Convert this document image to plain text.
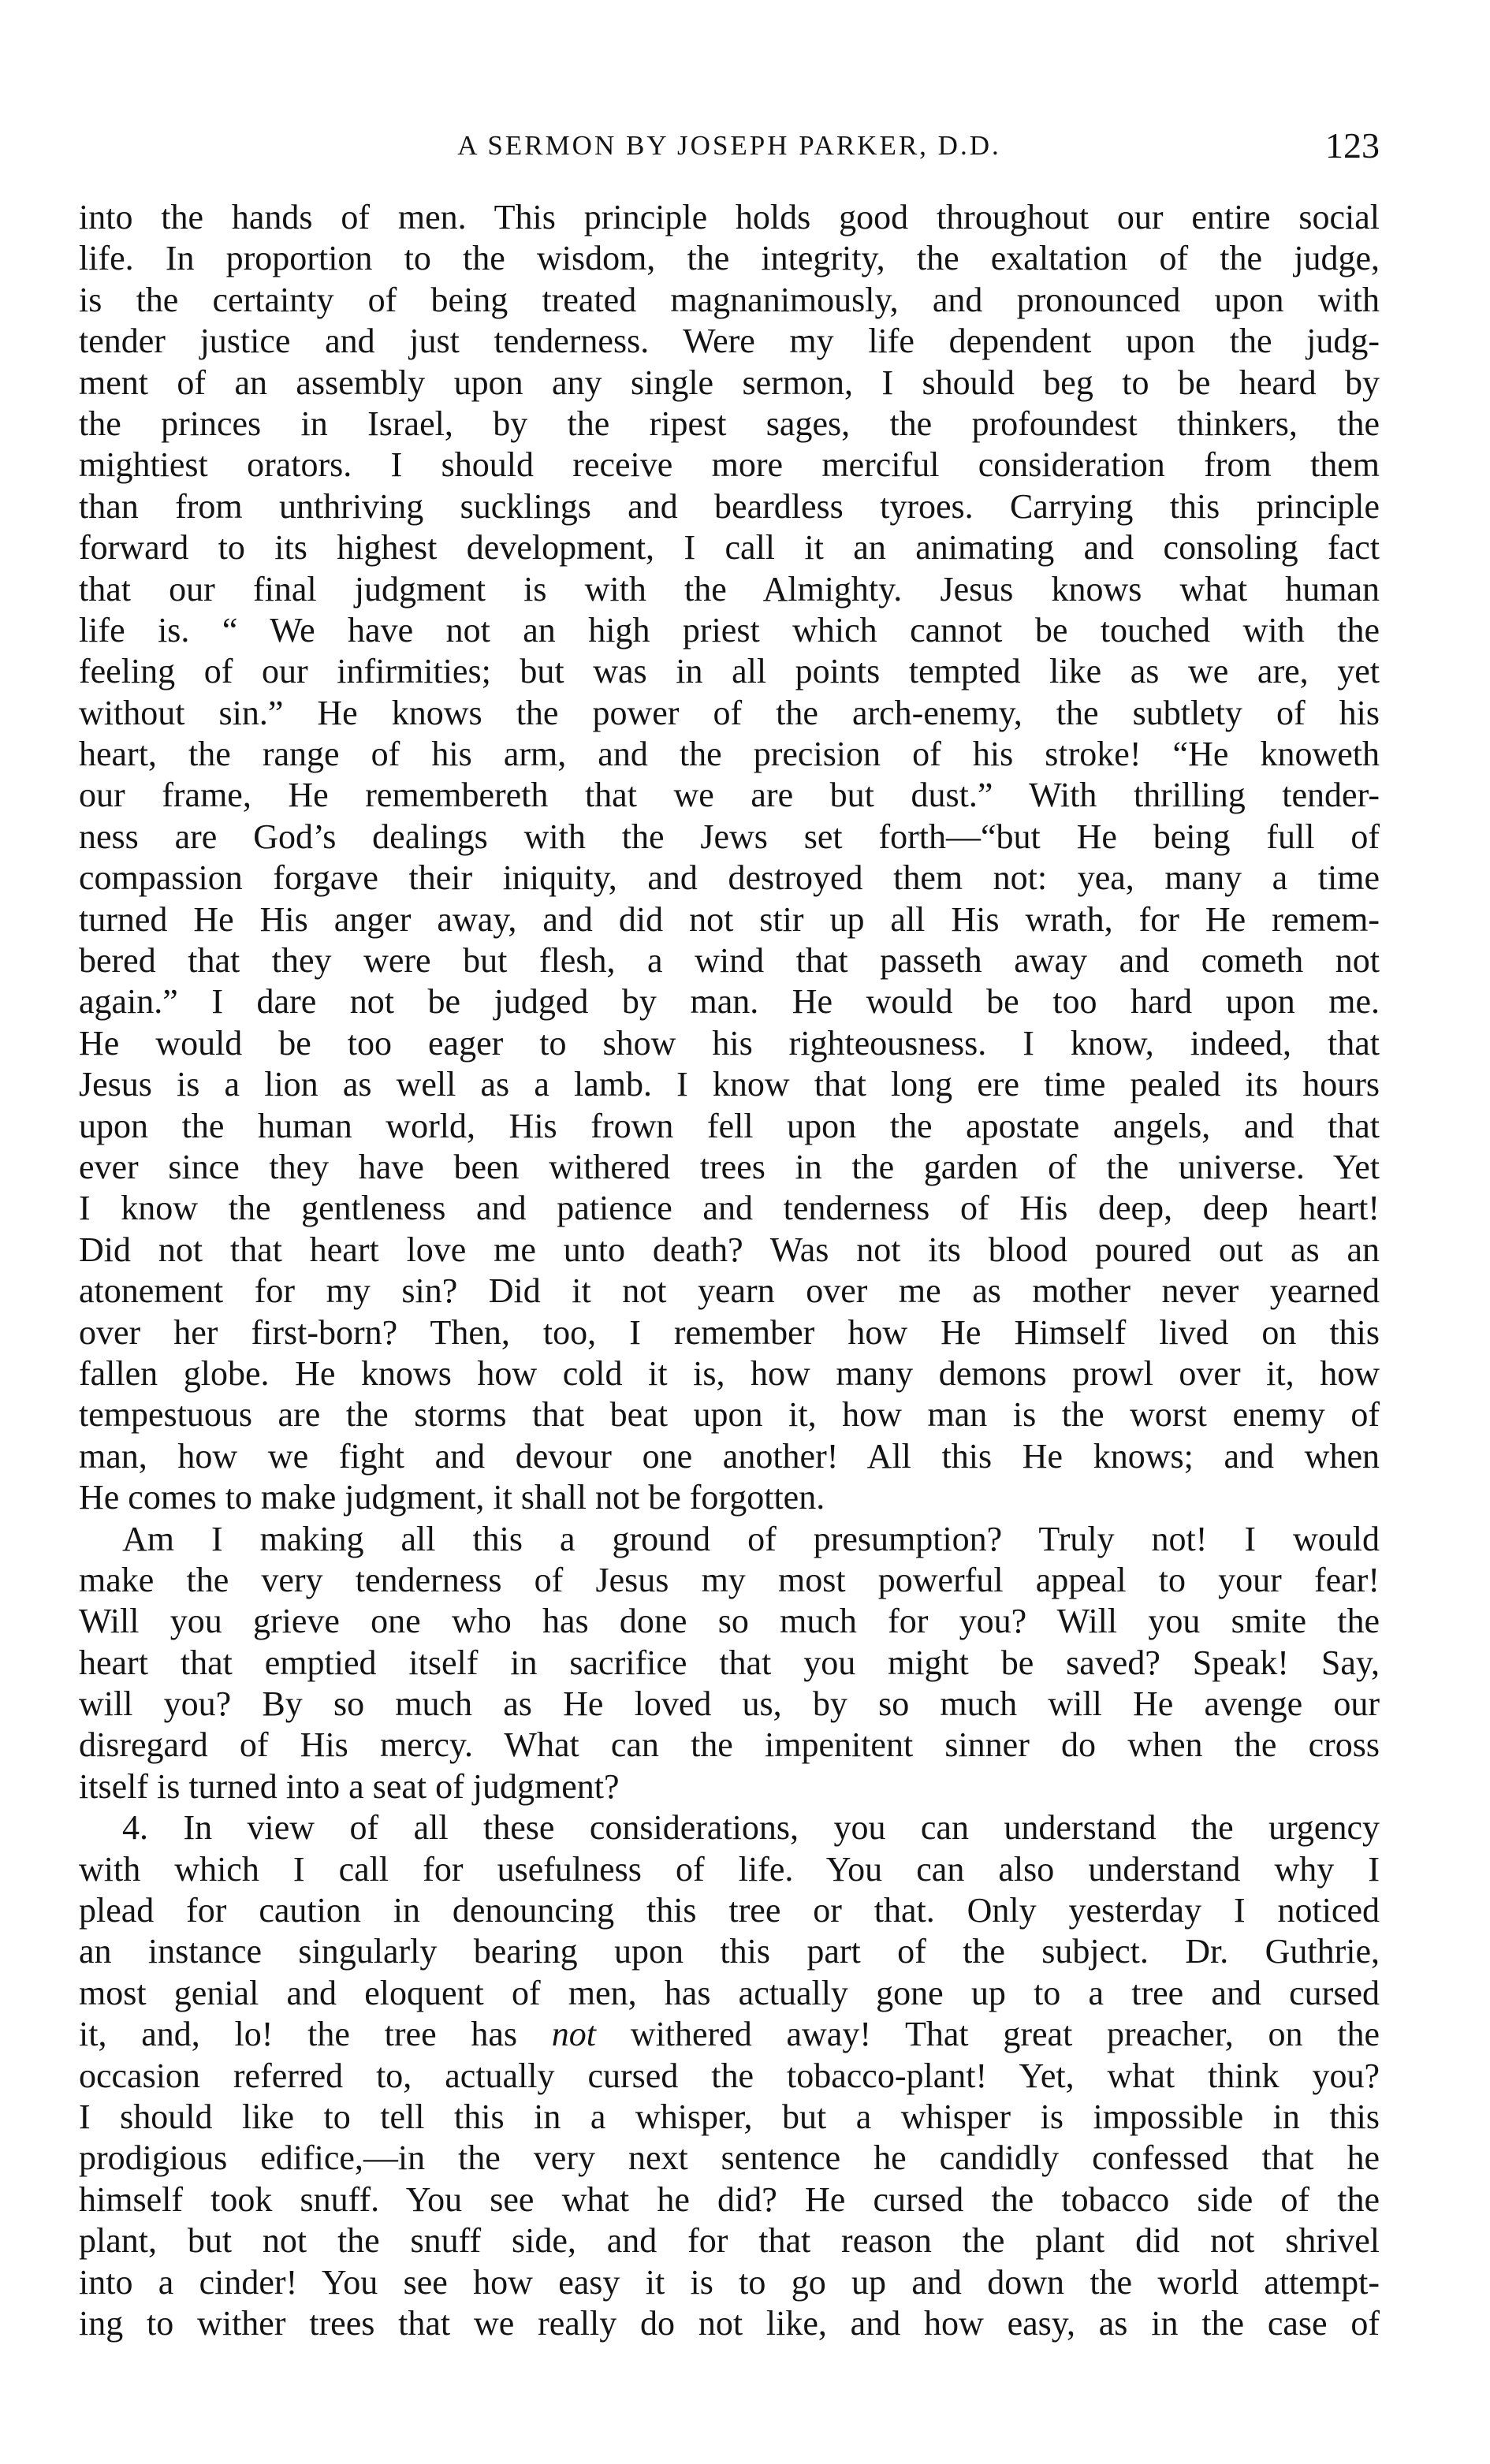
A SERMON BY JOSEPH PARKER, D.D.	123
into the hands of men. This principle holds good throughout our entire social
life. In proportion to the wisdom, the integrity, the exaltation of the judge,
is the certainty of being treated magnanimously, and pronounced upon with
tender justice and just tenderness. Were my life dependent upon the judg-
ment of an assembly upon any single sermon, I should beg to be heard by
the princes in Israel, by the ripest sages, the profoundest thinkers, the
mightiest orators. I should receive more merciful consideration from them
than from unthriving sucklings and beardless tyroes. Carrying this principle
forward to its highest development, I call it an animating and consoling fact
that our final judgment is with the Almighty. Jesus knows what human
life is. “ We have not an high priest which cannot be touched with the
feeling of our infirmities; but was in all points tempted like as we are, yet
without sin.” He knows the power of the arch-enemy, the subtlety of his
heart, the range of his arm, and the precision of his stroke! “He knoweth
our frame, He remembereth that we are but dust.” With thrilling tender-
ness are God’s dealings with the Jews set forth—“but He being full of
compassion forgave their iniquity, and destroyed them not: yea, many a time
turned He His anger away, and did not stir up all His wrath, for He remem-
bered that they were but flesh, a wind that passeth away and cometh not
again.” I dare not be judged by man. He would be too hard upon me.
He would be too eager to show his righteousness. I know, indeed, that
Jesus is a lion as well as a lamb. I know that long ere time pealed its hours
upon the human world, His frown fell upon the apostate angels, and that
ever since they have been withered trees in the garden of the universe. Yet
I know the gentleness and patience and tenderness of His deep, deep heart!
Did not that heart love me unto death? Was not its blood poured out as an
atonement for my sin? Did it not yearn over me as mother never yearned
over her first-born? Then, too, I remember how He Himself lived on this
fallen globe. He knows how cold it is, how many demons prowl over it, how
tempestuous are the storms that beat upon it, how man is the worst enemy of
man, how we fight and devour one another! All this He knows; and when
He comes to make judgment, it shall not be forgotten.
Am I making all this a ground of presumption? Truly not! I would
make the very tenderness of Jesus my most powerful appeal to your fear!
Will you grieve one who has done so much for you? Will you smite the
heart that emptied itself in sacrifice that you might be saved? Speak! Say,
will you? By so much as He loved us, by so much will He avenge our
disregard of His mercy. What can the impenitent sinner do when the cross
itself is turned into a seat of judgment?
4. In view of all these considerations, you can understand the urgency
with which I call for usefulness of life. You can also understand why I
plead for caution in denouncing this tree or that. Only yesterday I noticed
an instance singularly bearing upon this part of the subject. Dr. Guthrie,
most genial and eloquent of men, has actually gone up to a tree and cursed
it, and, lo! the tree has not withered away! That great preacher, on the
occasion referred to, actually cursed the tobacco-plant! Yet, what think you?
I should like to tell this in a whisper, but a whisper is impossible in this
prodigious edifice,—in the very next sentence he candidly confessed that he
himself took snuff. You see what he did? He cursed the tobacco side of the
plant, but not the snuff side, and for that reason the plant did not shrivel
into a cinder! You see how easy it is to go up and down the world attempt-
ing to wither trees that we really do not like, and how easy, as in the case of
